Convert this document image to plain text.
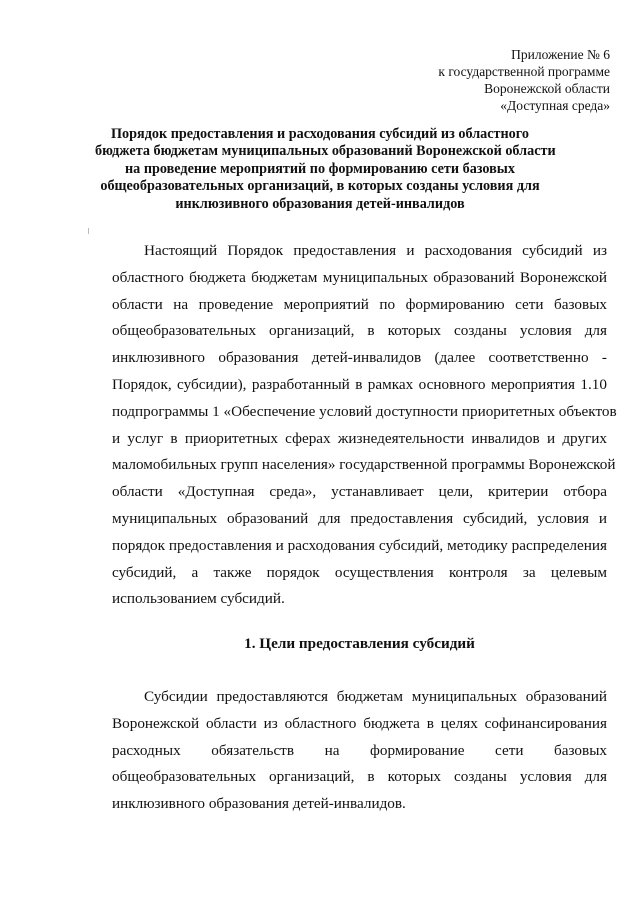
Приложение № 6
к государственной программе
Воронежской области
«Доступная среда»
Порядок предоставления и расходования субсидий из областного
бюджета бюджетам муниципальных образований Воронежской области
на проведение мероприятий по формированию сети базовых
общеобразовательных организаций, в которых созданы условия для
инклюзивного образования детей-инвалидов
Настоящий Порядок предоставления и расходования субсидий из
областного бюджета бюджетам муниципальных образований Воронежской
области на проведение мероприятий по формированию сети базовых
общеобразовательных организаций, в которых созданы условия для
инклюзивного образования детей-инвалидов (далее соответственно -
Порядок, субсидии), разработанный в рамках основного мероприятия 1.10
подпрограммы 1 «Обеспечение условий доступности приоритетных объектов
и услуг в приоритетных сферах жизнедеятельности инвалидов и других
маломобильных групп населения» государственной программы Воронежской
области «Доступная среда», устанавливает цели, критерии отбора
муниципальных образований для предоставления субсидий, условия и
порядок предоставления и расходования субсидий, методику распределения
субсидий, а также порядок осуществления контроля за целевым
использованием субсидий.
1. Цели предоставления субсидий
Субсидии предоставляются бюджетам муниципальных образований
Воронежской области из областного бюджета в целях софинансирования
расходных обязательств на формирование сети базовых
общеобразовательных организаций, в которых созданы условия для
инклюзивного образования детей-инвалидов.
